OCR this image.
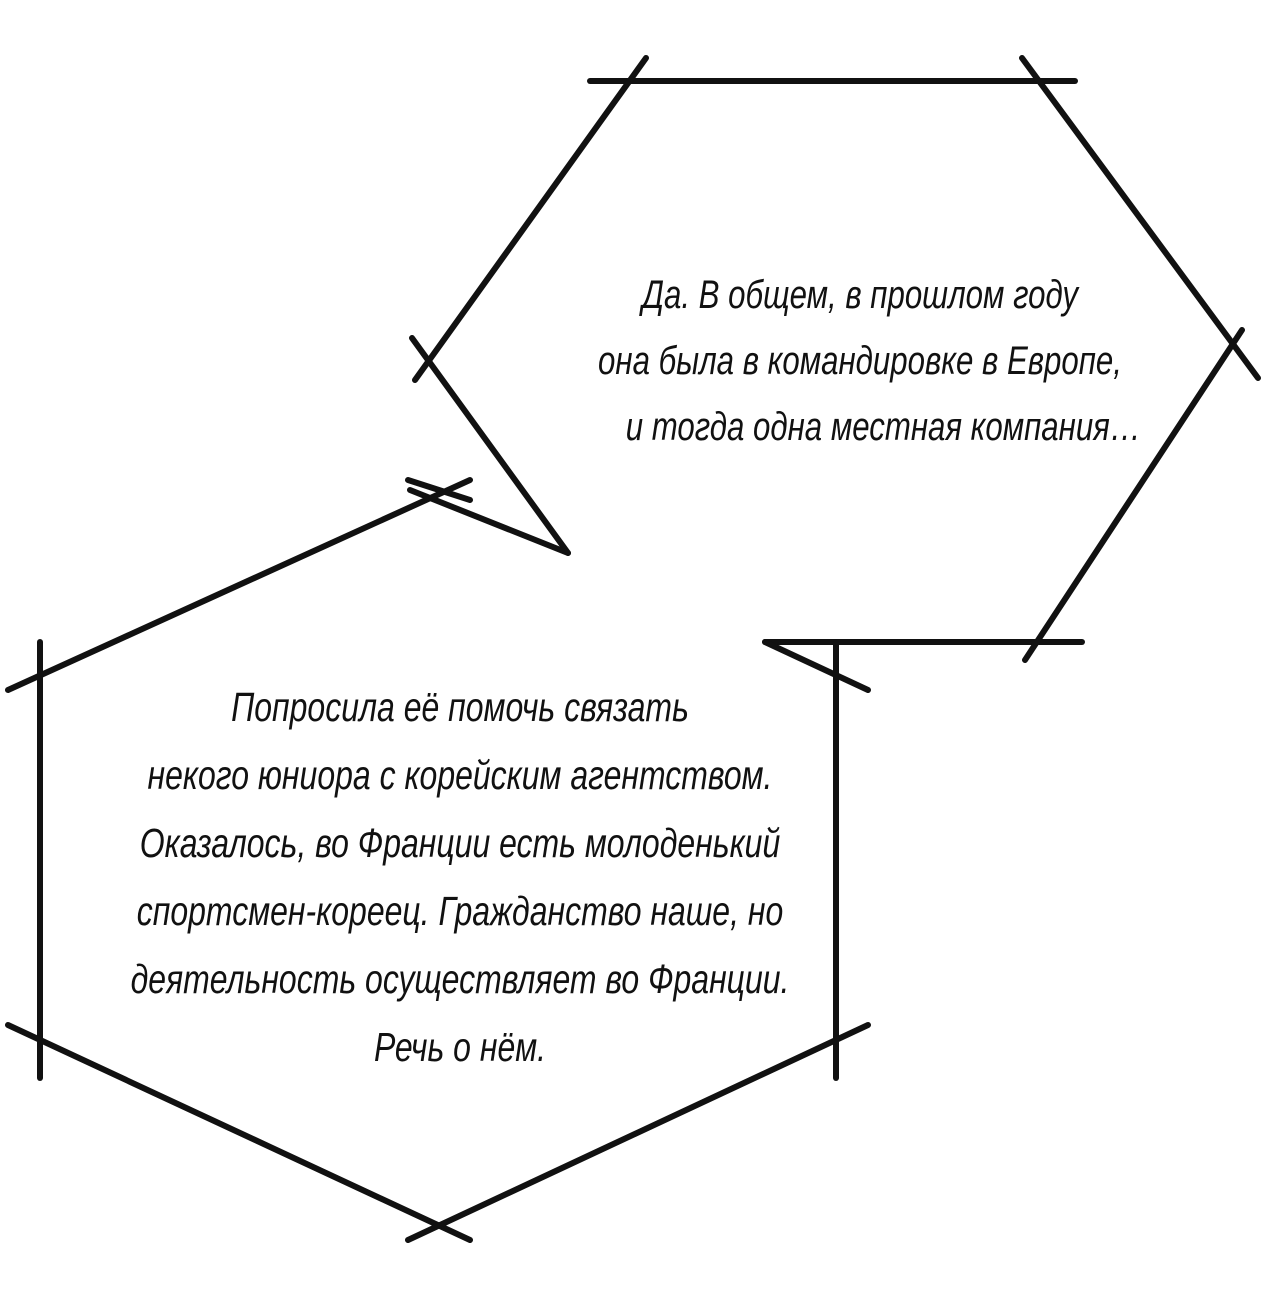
Да. В общем, в прошлом году
она была в командировке в Европе,
и тогда одна местная компания…
Попросила её помочь связать
некого юниора с корейским агентством.
Оказалось, во Франции есть молоденький
спортсмен-кореец. Гражданство наше, но
деятельность осуществляет во Франции.
Речь о нём.
